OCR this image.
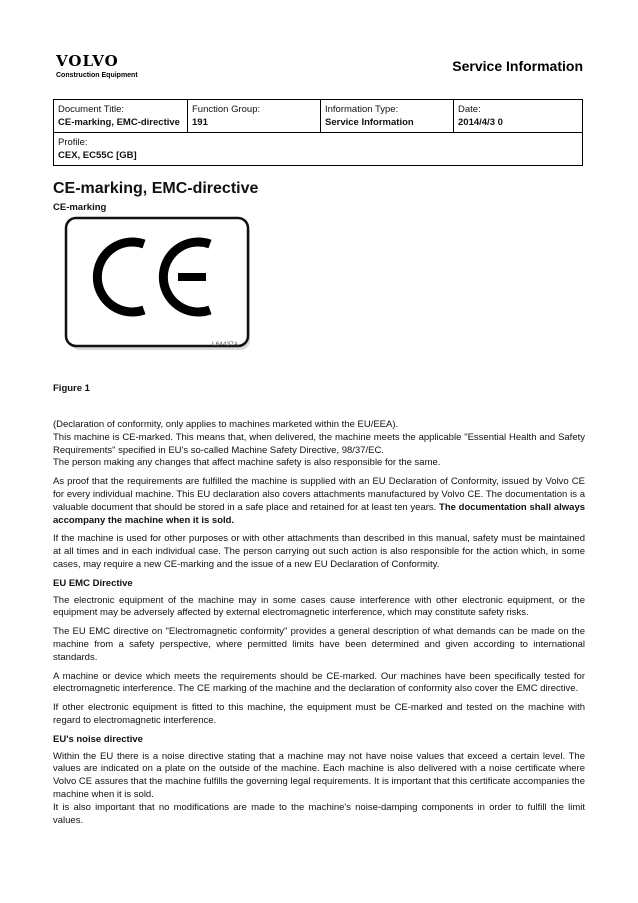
VOLVO
Construction Equipment
Service Information
Document Title:
CE-marking, EMC-directive

Function Group:
191

Information Type:
Service Information

Date:
2014/4/3 0

Profile:
CEX, EC55C [GB]
CE-marking, EMC-directive
CE-marking
L64437A
Figure 1

(Declaration of conformity, only applies to machines marketed within the EU/EEA).

This machine is CE-marked. This means that, when delivered, the machine meets the applicable "Essential Health and Safety Requirements" specified in EU's so-called Machine Safety Directive, 98/37/EC.

The person making any changes that affect machine safety is also responsible for the same.

As proof that the requirements are fulfilled the machine is supplied with an EU Declaration of Conformity, issued by Volvo CE for every individual machine. This EU declaration also covers attachments manufactured by Volvo CE. The documentation is a valuable document that should be stored in a safe place and retained for at least ten years. The documentation shall always accompany the machine when it is sold.

If the machine is used for other purposes or with other attachments than described in this manual, safety must be maintained at all times and in each individual case. The person carrying out such action is also responsible for the action which, in some cases, may require a new CE-marking and the issue of a new EU Declaration of Conformity.

EU EMC Directive

The electronic equipment of the machine may in some cases cause interference with other electronic equipment, or the equipment may be adversely affected by external electromagnetic interference, which may constitute safety risks.

The EU EMC directive on "Electromagnetic conformity" provides a general description of what demands can be made on the machine from a safety perspective, where permitted limits have been determined and given according to international standards.

A machine or device which meets the requirements should be CE-marked. Our machines have been specifically tested for electromagnetic interference. The CE marking of the machine and the declaration of conformity also cover the EMC directive.

If other electronic equipment is fitted to this machine, the equipment must be CE-marked and tested on the machine with regard to electromagnetic interference.

EU's noise directive

Within the EU there is a noise directive stating that a machine may not have noise values that exceed a certain level. The values are indicated on a plate on the outside of the machine. Each machine is also delivered with a noise certificate where Volvo CE assures that the machine fulfills the governing legal requirements. It is important that this certificate accompanies the machine when it is sold.

It is also important that no modifications are made to the machine's noise-damping components in order to fulfill the limit values.
